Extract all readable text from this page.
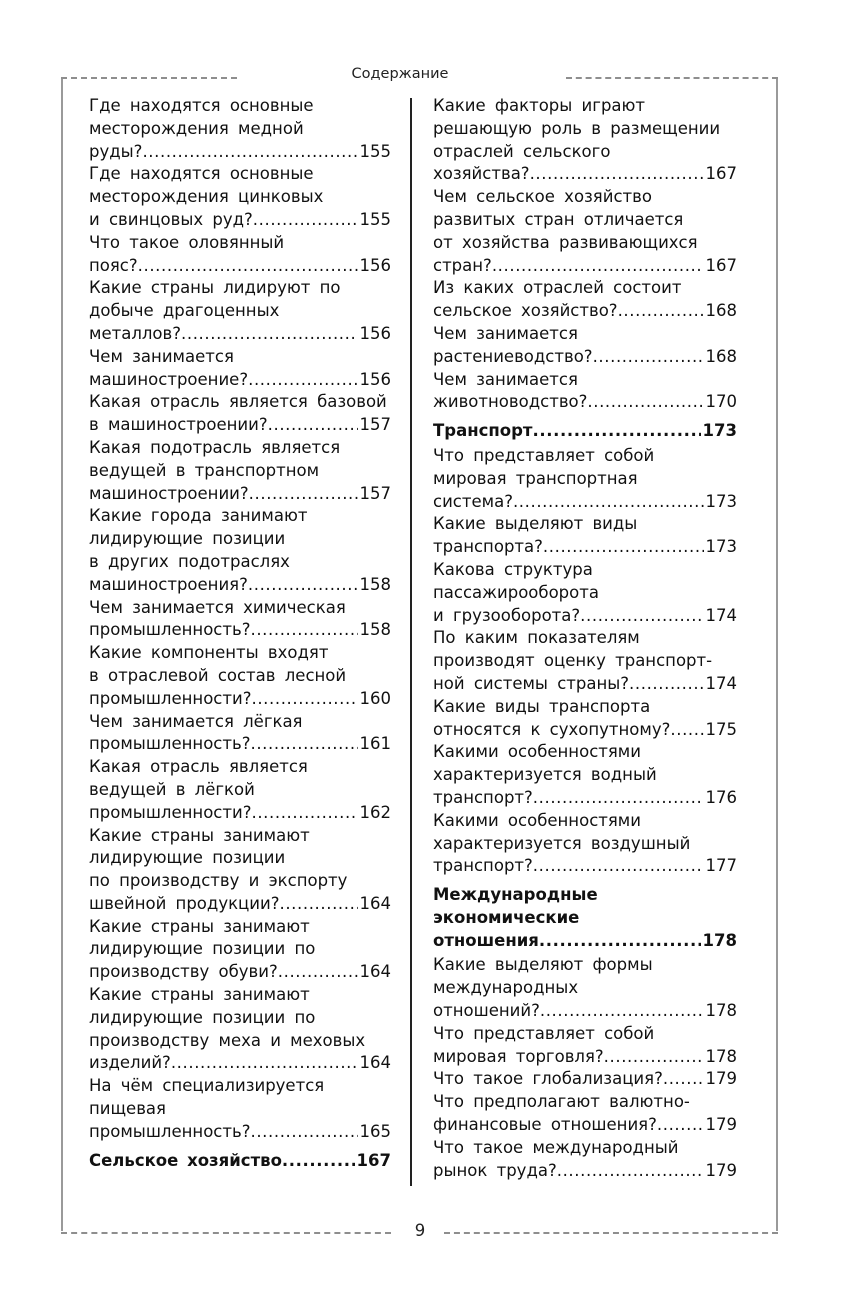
Содержание
9
Где находятся основные
месторождения медной
руды? .....	155
Где находятся основные
месторождения цинковых
и свинцовых руд? .....	155
Что такое оловянный
пояс? .....	156
Какие страны лидируют по
добыче драгоценных
металлов? .....	156
Чем занимается
машиностроение? .....	156
Какая отрасль является базовой
в машиностроении? .....	157
Какая подотрасль является
ведущей в транспортном
машиностроении? .....	157
Какие города занимают
лидирующие позиции
в других подотраслях
машиностроения? .....	158
Чем занимается химическая
промышленность? .....	158
Какие компоненты входят
в отраслевой состав лесной
промышленности? .....	160
Чем занимается лёгкая
промышленность? .....	161
Какая отрасль является
ведущей в лёгкой
промышленности? .....	162
Какие страны занимают
лидирующие позиции
по производству и экспорту
швейной продукции? .....	164
Какие страны занимают
лидирующие позиции по
производству обуви? .....	164
Какие страны занимают
лидирующие позиции по
производству меха и меховых
изделий? .....	164
На чём специализируется
пищевая
промышленность? .....	165
Сельское хозяйство .....	167
Какие факторы играют
решающую роль в размещении
отраслей сельского
хозяйства? .....	167
Чем сельское хозяйство
развитых стран отличается
от хозяйства развивающихся
стран? .....	167
Из каких отраслей состоит
сельское хозяйство? .....	168
Чем занимается
растениеводство? .....	168
Чем занимается
животноводство? .....	170
Транспорт .....	173
Что представляет собой
мировая транспортная
система? .....	173
Какие выделяют виды
транспорта? .....	173
Какова структура
пассажирооборота
и грузооборота? .....	174
По каким показателям
производят оценку транспорт-
ной системы страны? .....	174
Какие виды транспорта
относятся к сухопутному? ..... 175
Какими особенностями
характеризуется водный
транспорт? .....	176
Какими особенностями
характеризуется воздушный
транспорт? .....	177
Международные
экономические
отношения .....	178
Какие выделяют формы
международных
отношений? .....	178
Что представляет собой
мировая торговля? .....	178
Что такое глобализация? .....	179
Что предполагают валютно-
финансовые отношения? .....	179
Что такое международный
рынок труда? .....	179
